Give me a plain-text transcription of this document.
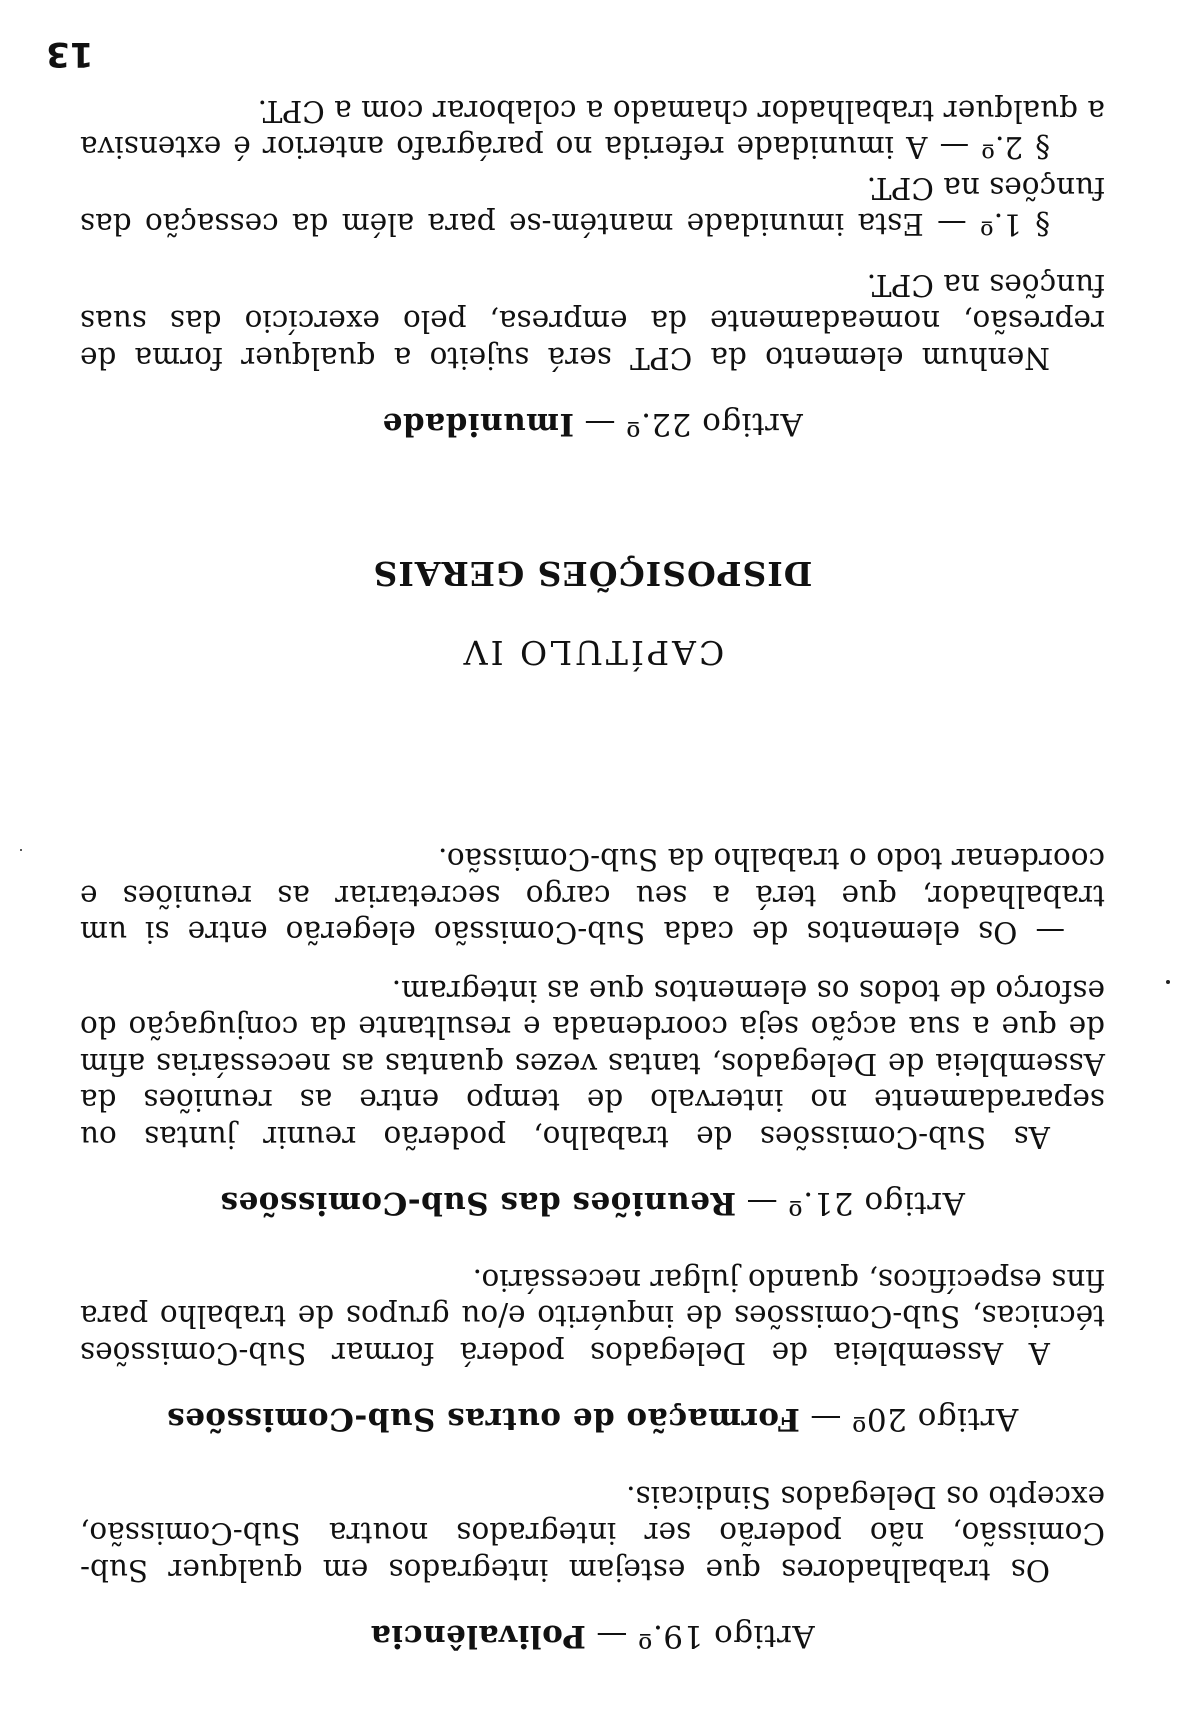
Artigo 19.º—Polivalência

Os trabalhadores que estejam integrados em qualquer Sub-Comissão, não poderão ser integrados noutra Sub-Comissão, excepto os Delegados Sindicais.

Artigo 20º—Formação de outras Sub-Comissões

A Assembleia de Delegados poderá formar Sub-Comissões técnicas, Sub-Comissões de inquérito e/ou grupos de trabalho para fins específicos, quando julgar necessário.

Artigo 21.º—Reuniões das Sub-Comissões

As Sub-Comissões de trabalho, poderão reunir juntas ou separadamente no intervalo de tempo entre as reuniões da Assembleia de Delegados, tantas vezes quantas as necessárias afim de que a sua acção seja coordenada e resultante da conjugação do esforço de todos os elementos que as integram.

— Os elementos de cada Sub-Comissão elegerão entre si um trabalhador, que terá a seu cargo secretariar as reuniões e coordenar todo o trabalho da Sub-Comissão.

CAPÍTULO IV

DISPOSIÇÕES GERAIS

Artigo 22.º—Imunidade

Nenhum elemento da CPT será sujeito a qualquer forma de represão, nomeadamente da empresa, pelo exercício das suas funções na CPT.

§ 1.º — Esta imunidade mantém-se para além da cessação das funções na CPT.

§ 2.º — A imunidade referida no parágrafo anterior é extensiva a qualquer trabalhador chamado a colaborar com a CPT.

13
